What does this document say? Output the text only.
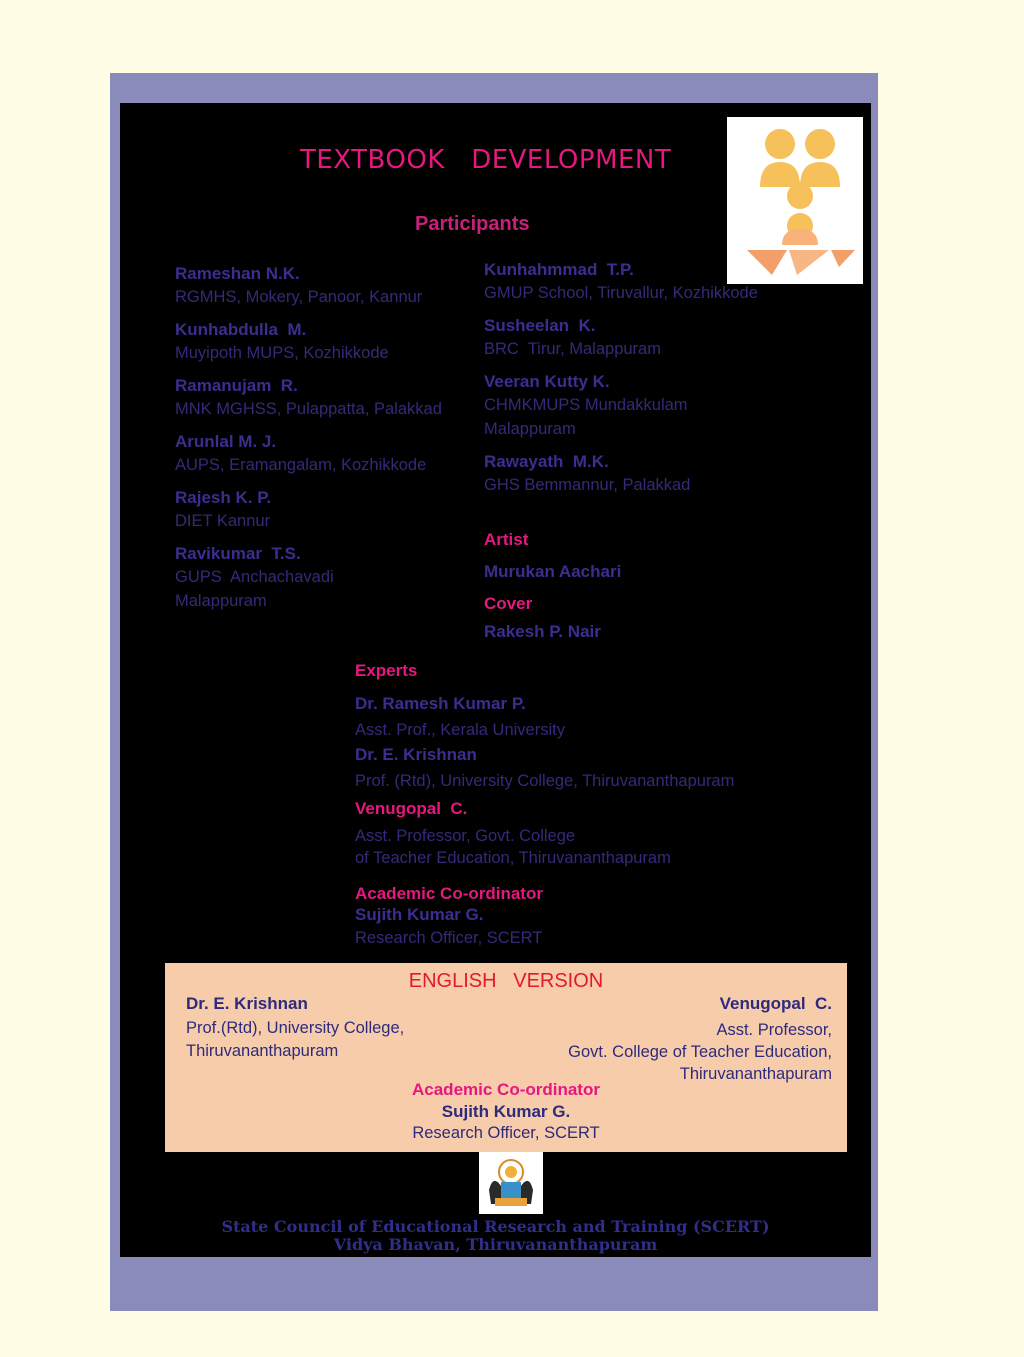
TEXTBOOK   DEVELOPMENT
Participants
Rameshan N.K.
RGMHS, Mokery, Panoor, Kannur
Kunhabdulla  M.
Muyipoth MUPS, Kozhikkode
Ramanujam  R.
MNK MGHSS, Pulappatta, Palakkad
Arunlal M. J.
AUPS, Eramangalam, Kozhikkode
Rajesh K. P.
DIET Kannur
Ravikumar  T.S.
GUPS  Anchachavadi
Malappuram
Kunhahmmad  T.P.
GMUP School, Tiruvallur, Kozhikkode
Susheelan  K.
BRC  Tirur, Malappuram
Veeran Kutty K.
CHMKMUPS Mundakkulam
Malappuram
Rawayath  M.K.
GHS Bemmannur, Palakkad
Artist
Murukan Aachari
Cover
Rakesh P. Nair
Experts
Dr. Ramesh Kumar P.
Asst. Prof., Kerala University
Dr. E. Krishnan
Prof. (Rtd), University College, Thiruvananthapuram
Venugopal  C.
Asst. Professor, Govt. College
of Teacher Education, Thiruvananthapuram
Academic Co-ordinator
Sujith Kumar G.
Research Officer, SCERT
ENGLISH   VERSION
Dr. E. Krishnan
Prof.(Rtd), University College,
Thiruvananthapuram
Venugopal  C.
Asst. Professor,
Govt. College of Teacher Education,
Thiruvananthapuram
Academic Co-ordinator
Sujith Kumar G.
Research Officer, SCERT
State Council of Educational Research and Training (SCERT)
Vidya Bhavan, Thiruvananthapuram
